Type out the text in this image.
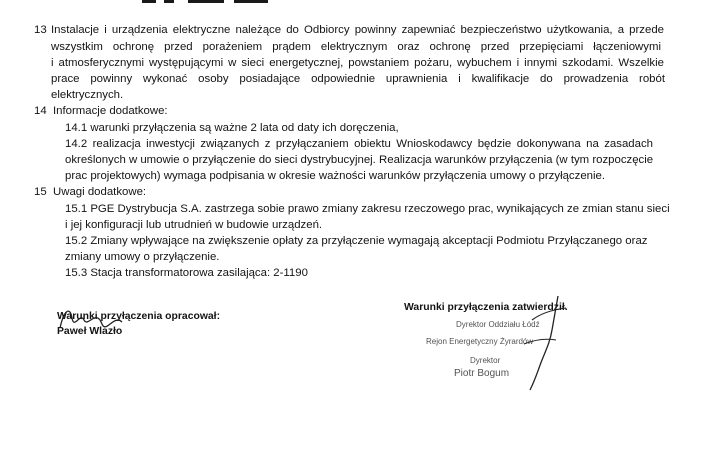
13 Instalacje i urządzenia elektryczne należące do Odbiorcy powinny zapewniać bezpieczeństwo użytkowania, a przede
wszystkim ochronę przed porażeniem prądem elektrycznym oraz ochronę przed przepięciami łączeniowymi
i atmosferycznymi występującymi w sieci energetycznej, powstaniem pożaru, wybuchem i innymi szkodami. Wszelkie
prace powinny wykonać osoby posiadające odpowiednie uprawnienia i kwalifikacje do prowadzenia robót
elektrycznych.
14 Informacje dodatkowe:
14.1 warunki przyłączenia są ważne 2 lata od daty ich doręczenia,
14.2 realizacja inwestycji związanych z przyłączaniem obiektu Wnioskodawcy będzie dokonywana na zasadach
określonych w umowie o przyłączenie do sieci dystrybucyjnej. Realizacja warunków przyłączenia (w tym rozpoczęcie
prac projektowych) wymaga podpisania w okresie ważności warunków przyłączenia umowy o przyłączenie.
15 Uwagi dodatkowe:
15.1 PGE Dystrybucja S.A. zastrzega sobie prawo zmiany zakresu rzeczowego prac, wynikających ze zmian stanu sieci
i jej konfiguracji lub utrudnień w budowie urządzeń.
15.2 Zmiany wpływające na zwiększenie opłaty za przyłączenie wymagają akceptacji Podmiotu Przyłączanego oraz
zmiany umowy o przyłączenie.
15.3 Stacja transformatorowa zasilająca: 2-1190
Warunki przyłączenia opracował:
Paweł Wlazło
Warunki przyłączenia zatwierdził.
Dyrektor Oddziału Łódź
Rejon Energetyczny Żyrardów
Dyrektor
Piotr Bogum
